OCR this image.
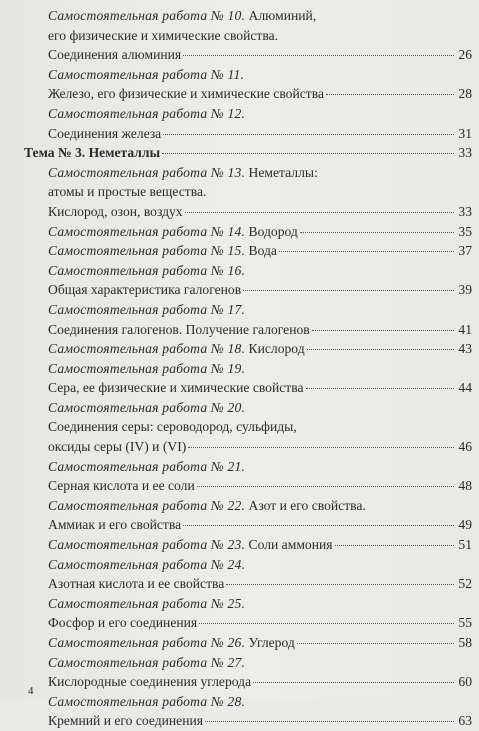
Самостоятельная работа № 10. Алюминий,
его физические и химические свойства.
Соединения алюминия	26
Самостоятельная работа № 11.
Железо, его физические и химические свойства	28
Самостоятельная работа № 12.
Соединения железа	31
Тема № 3. Неметаллы	33
Самостоятельная работа № 13. Неметаллы:
атомы и простые вещества.
Кислород, озон, воздух	33
Самостоятельная работа № 14. Водород	35
Самостоятельная работа № 15. Вода	37
Самостоятельная работа № 16.
Общая характеристика галогенов	39
Самостоятельная работа № 17.
Соединения галогенов. Получение галогенов	41
Самостоятельная работа № 18. Кислород	43
Самостоятельная работа № 19.
Сера, ее физические и химические свойства	44
Самостоятельная работа № 20.
Соединения серы: сероводород, сульфиды,
оксиды серы (IV) и (VI)	46
Самостоятельная работа № 21.
Серная кислота и ее соли	48
Самостоятельная работа № 22. Азот и его свойства.
Аммиак и его свойства	49
Самостоятельная работа № 23. Соли аммония	51
Самостоятельная работа № 24.
Азотная кислота и ее свойства	52
Самостоятельная работа № 25.
Фосфор и его соединения	55
Самостоятельная работа № 26. Углерод	58
Самостоятельная работа № 27.
Кислородные соединения углерода	60
Самостоятельная работа № 28.
Кремний и его соединения	63
4
